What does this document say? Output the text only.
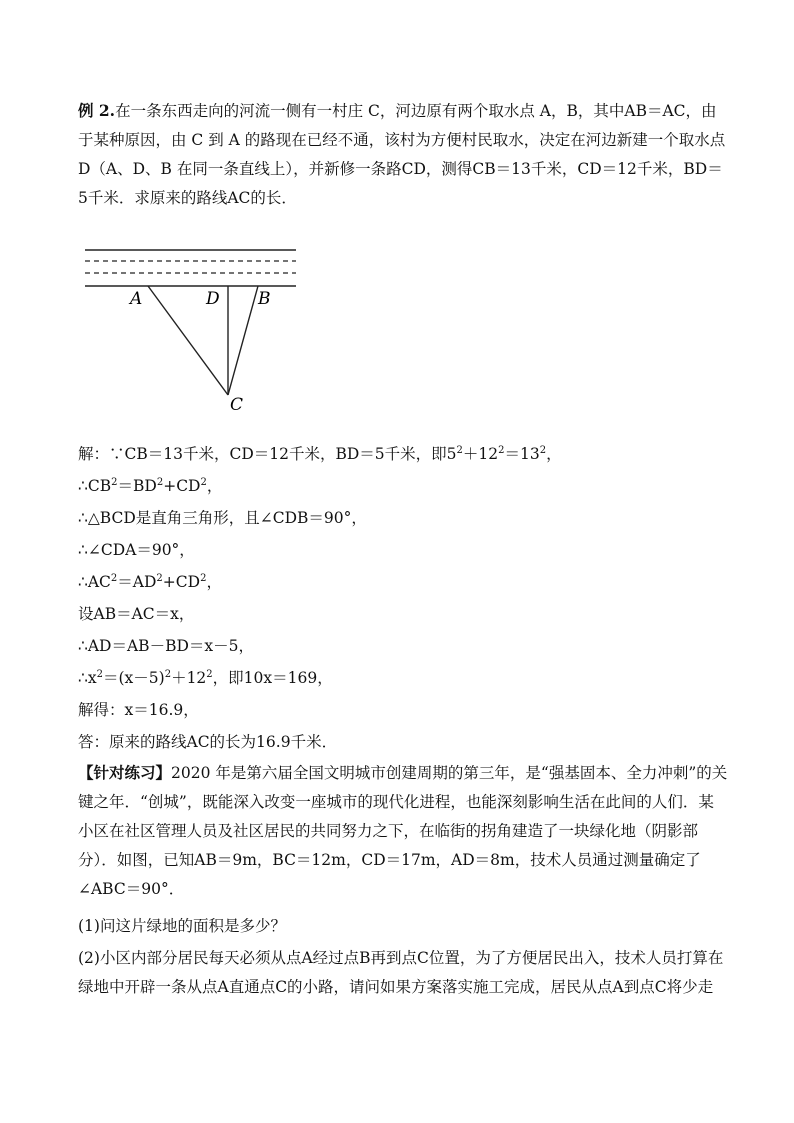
例 2.在一条东西走向的河流一侧有一村庄 C，河边原有两个取水点 A，B，其中AB＝AC，由于某种原因，由 C 到 A 的路现在已经不通，该村为方便村民取水，决定在河边新建一个取水点 D（A、D、B 在同一条直线上），并新修一条路CD，测得CB＝13千米，CD＝12千米，BD＝5千米．求原来的路线AC的长．
A	D B
C
解：∵CB＝13千米，CD＝12千米，BD＝5千米，即$5^2+12^2=13^2$，
$\therefore CB^2=BD^2+CD^2$，
∴△BCD是直角三角形，且∠CDB＝90°，
∴∠CDA＝90°，
$\therefore AC^2=AD^2+CD^2$，
设AB＝AC＝x，
∴AD＝AB－BD＝x－5，
$\therefore x^2=(x-5)^2+12^2$，即10x＝169，
解得：x＝16.9，
答：原来的路线AC的长为16.9千米．
【针对练习】2020 年是第六届全国文明城市创建周期的第三年，是“强基固本、全力冲刺”的关键之年．“创城”，既能深入改变一座城市的现代化进程，也能深刻影响生活在此间的人们．某小区在社区管理人员及社区居民的共同努力之下，在临街的拐角建造了一块绿化地（阴影部分）．如图，已知AB＝9m，BC＝12m，CD＝17m，AD＝8m，技术人员通过测量确定了∠ABC＝90°．
(1)问这片绿地的面积是多少？
(2)小区内部分居民每天必须从点A经过点B再到点C位置，为了方便居民出入，技术人员打算在绿地中开辟一条从点A直通点C的小路，请问如果方案落实施工完成，居民从点A到点C将少走
